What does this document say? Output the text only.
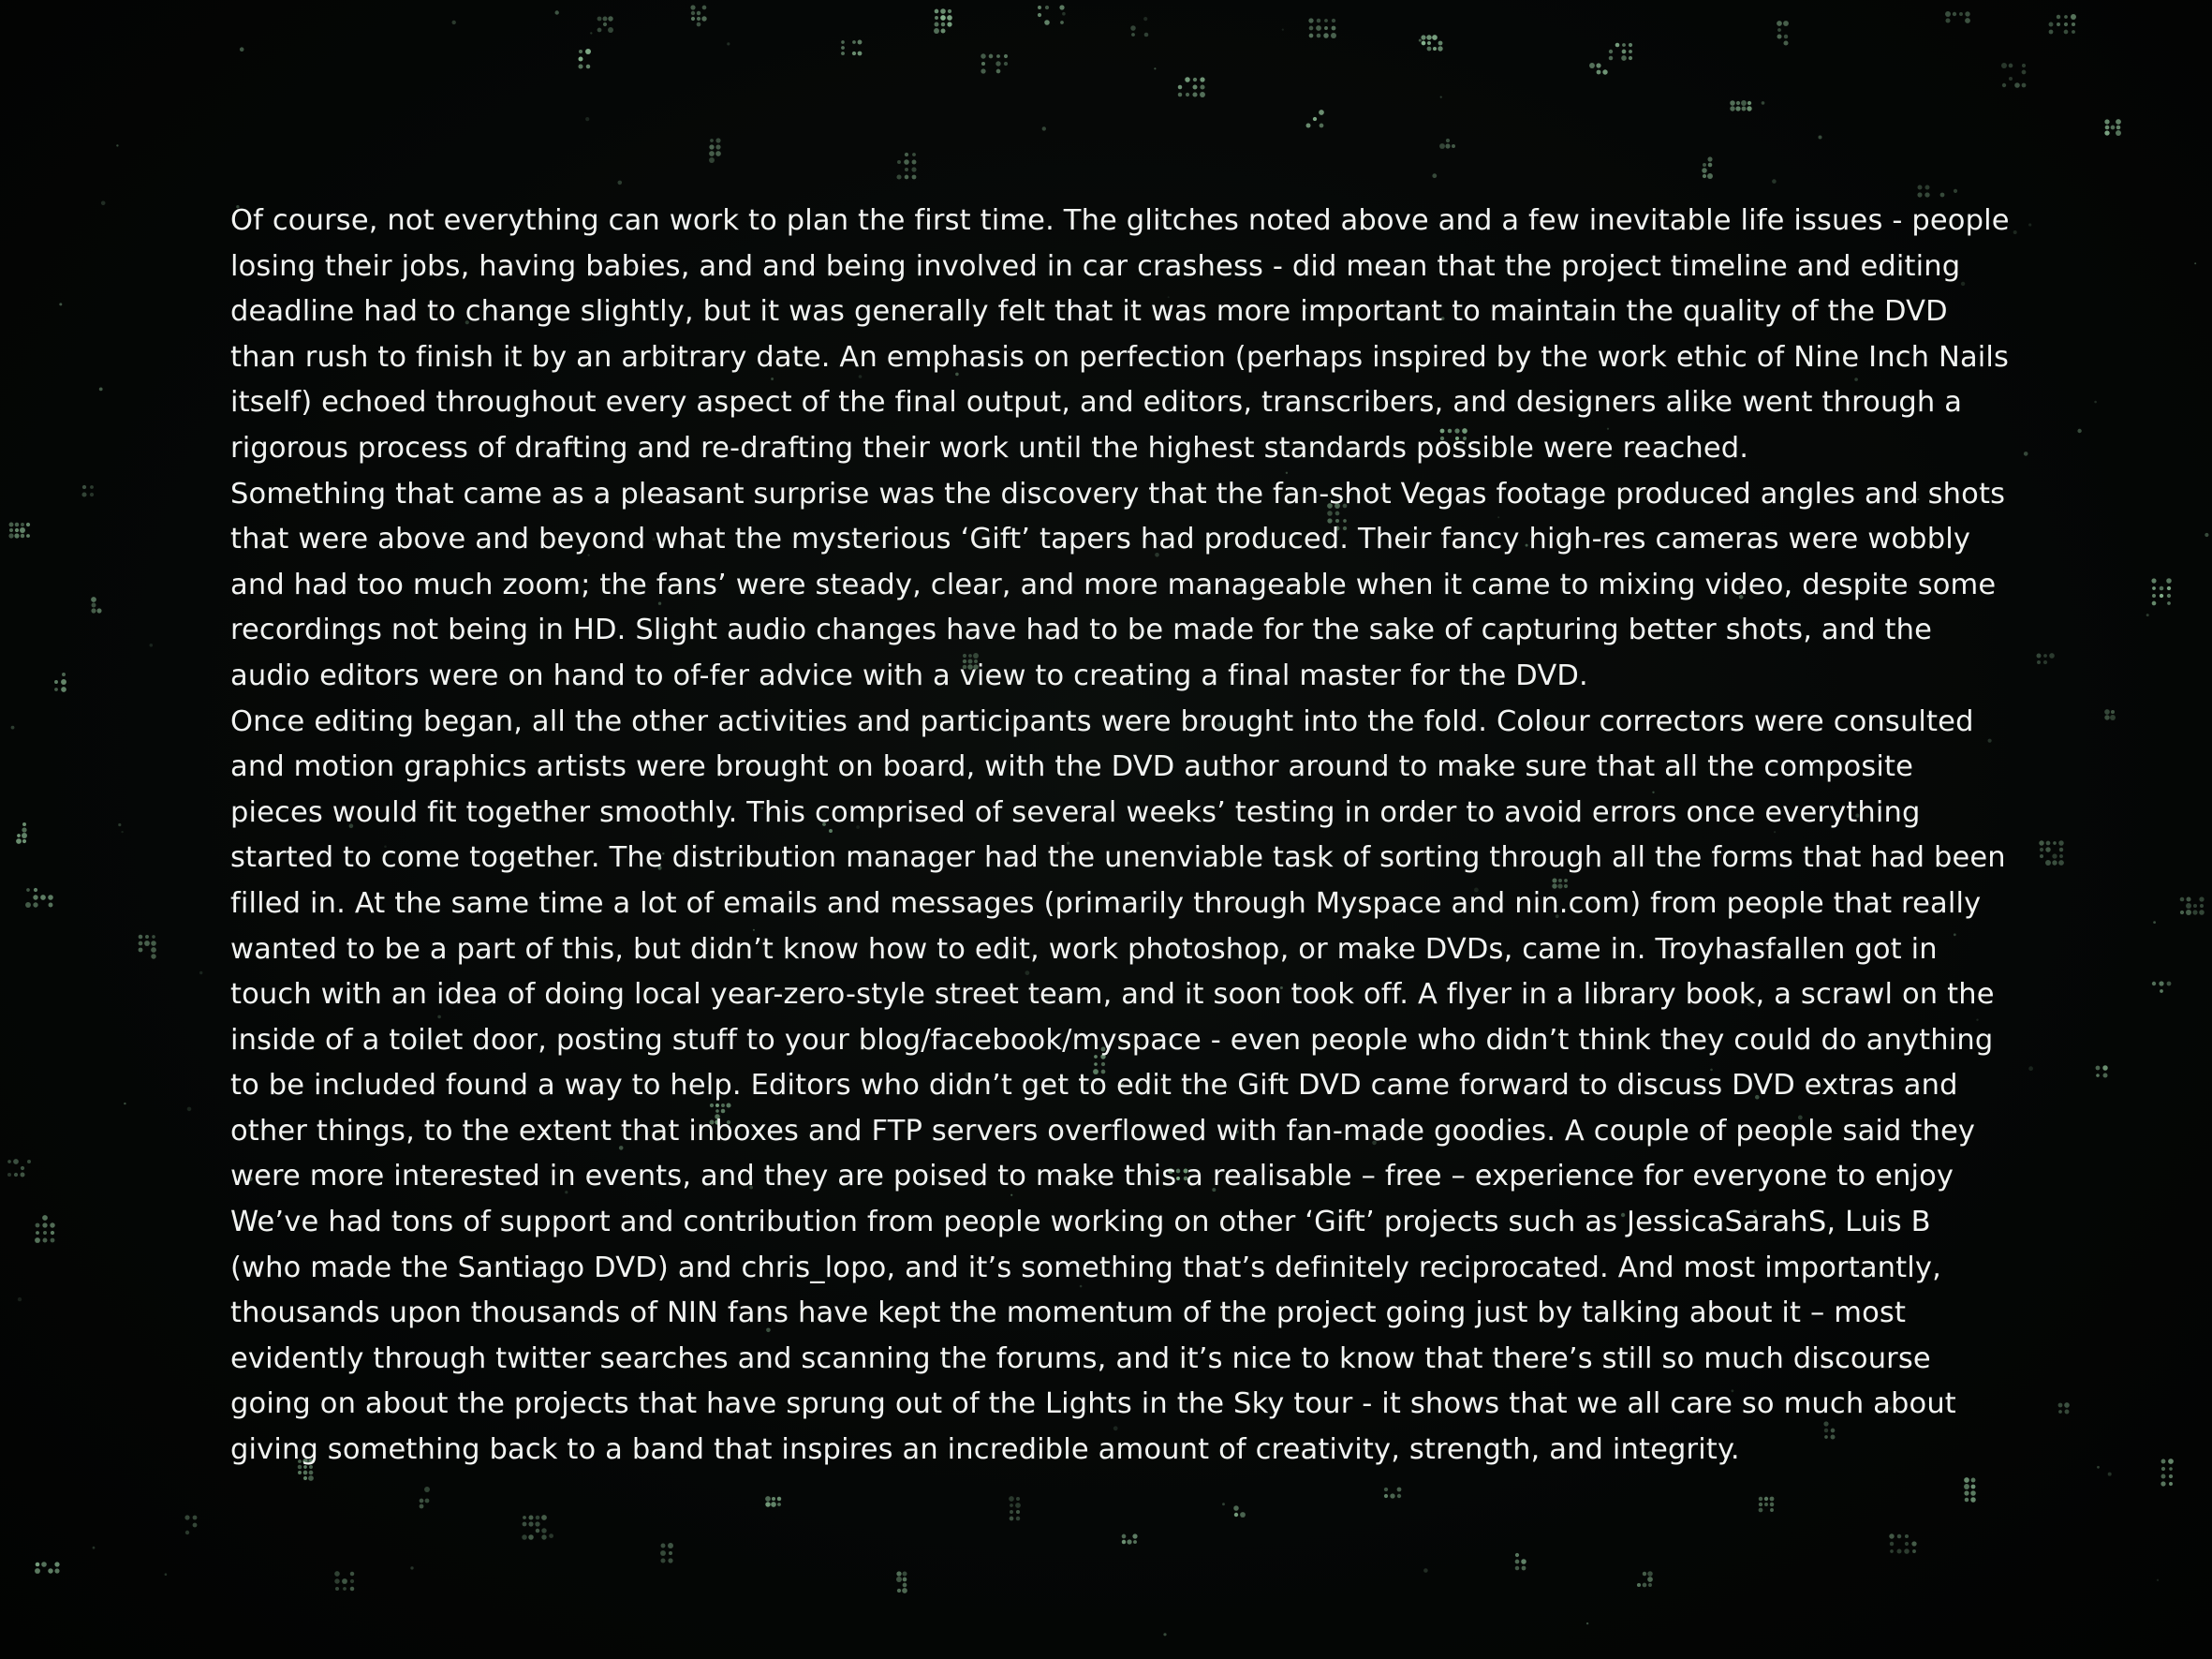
Of course, not everything can work to plan the first time. The glitches noted above and a few inevitable life issues - people losing their jobs, having babies, and and being involved in car crashess - did mean that the project timeline and editing deadline had to change slightly, but it was generally felt that it was more important to maintain the quality of the DVD than rush to finish it by an arbitrary date. An emphasis on perfection (perhaps inspired by the work ethic of Nine Inch Nails itself) echoed throughout every aspect of the final output, and editors, transcribers, and designers alike went through a rigorous process of drafting and re-drafting their work until the highest standards possible were reached.

Something that came as a pleasant surprise was the discovery that the fan-shot Vegas footage produced angles and shots that were above and beyond what the mysterious ‘Gift’ tapers had produced. Their fancy high-res cameras were wobbly and had too much zoom; the fans’ were steady, clear, and more manageable when it came to mixing video, despite some recordings not being in HD. Slight audio changes have had to be made for the sake of capturing better shots, and the audio editors were on hand to of-fer advice with a view to creating a final master for the DVD.

Once editing began, all the other activities and participants were brought into the fold. Colour correctors were consulted and motion graphics artists were brought on board, with the DVD author around to make sure that all the composite pieces would fit together smoothly. This comprised of several weeks’ testing in order to avoid errors once everything started to come together. The distribution manager had the unenviable task of sorting through all the forms that had been filled in. At the same time a lot of emails and messages (primarily through Myspace and nin.com) from people that really wanted to be a part of this, but didn’t know how to edit, work photoshop, or make DVDs, came in. Troyhasfallen got in touch with an idea of doing local year-zero-style street team, and it soon took off. A flyer in a library book, a scrawl on the inside of a toilet door, posting stuff to your blog/facebook/myspace - even people who didn’t think they could do anything to be included found a way to help. Editors who didn’t get to edit the Gift DVD came forward to discuss DVD extras and other things, to the extent that inboxes and FTP servers overflowed with fan-made goodies. A couple of people said they were more interested in events, and they are poised to make this a realisable – free – experience for everyone to enjoy

We’ve had tons of support and contribution from people working on other ‘Gift’ projects such as JessicaSarahS, Luis B (who made the Santiago DVD) and chris_lopo, and it’s something that’s definitely reciprocated. And most importantly, thousands upon thousands of NIN fans have kept the momentum of the project going just by talking about it – most evidently through twitter searches and scanning the forums, and it’s nice to know that there’s still so much discourse going on about the projects that have sprung out of the Lights in the Sky tour - it shows that we all care so much about giving something back to a band that inspires an incredible amount of creativity, strength, and integrity.
